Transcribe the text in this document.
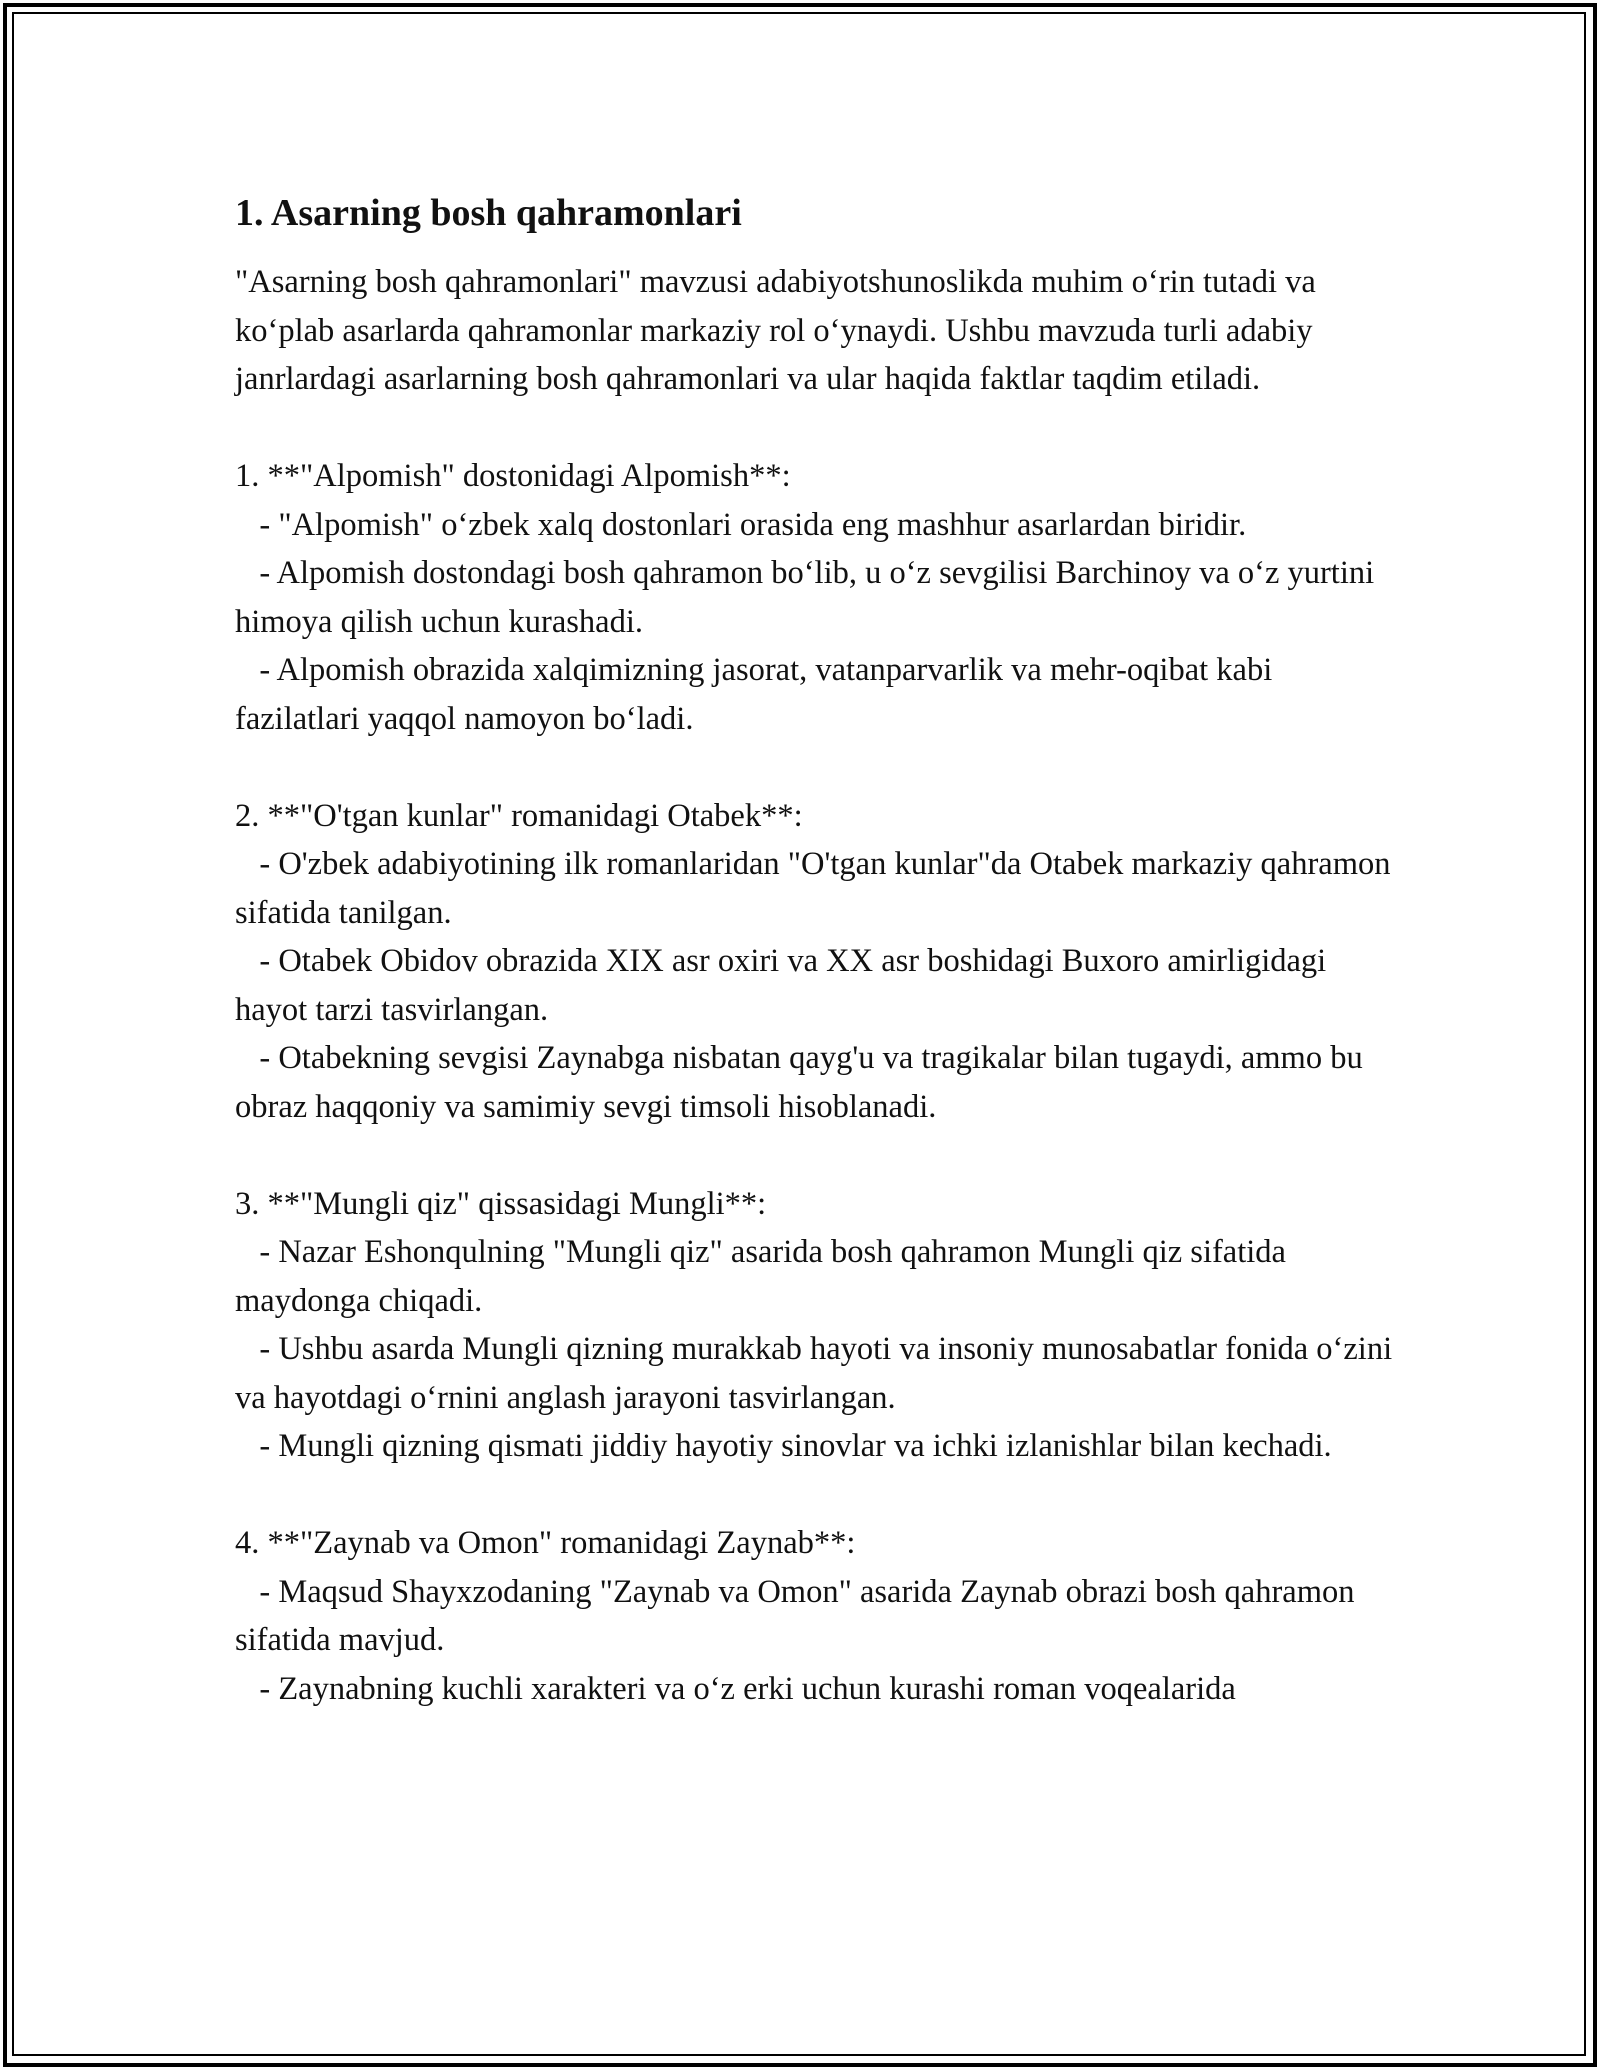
1. Asarning bosh qahramonlari

"Asarning bosh qahramonlari" mavzusi adabiyotshunoslikda muhim o‘rin tutadi va ko‘plab asarlarda qahramonlar markaziy rol o‘ynaydi. Ushbu mavzuda turli adabiy janrlardagi asarlarning bosh qahramonlari va ular haqida faktlar taqdim etiladi.

1. **"Alpomish" dostonidagi Alpomish**:
- "Alpomish" o‘zbek xalq dostonlari orasida eng mashhur asarlardan biridir.
- Alpomish dostondagi bosh qahramon bo‘lib, u o‘z sevgilisi Barchinoy va o‘z yurtini himoya qilish uchun kurashadi.
- Alpomish obrazida xalqimizning jasorat, vatanparvarlik va mehr-oqibat kabi fazilatlari yaqqol namoyon bo‘ladi.
2. **"O'tgan kunlar" romanidagi Otabek**:
- O'zbek adabiyotining ilk romanlaridan "O'tgan kunlar"da Otabek markaziy qahramon sifatida tanilgan.
- Otabek Obidov obrazida XIX asr oxiri va XX asr boshidagi Buxoro amirligidagi hayot tarzi tasvirlangan.
- Otabekning sevgisi Zaynabga nisbatan qayg'u va tragikalar bilan tugaydi, ammo bu obraz haqqoniy va samimiy sevgi timsoli hisoblanadi.
3. **"Mungli qiz" qissasidagi Mungli**:
- Nazar Eshonqulning "Mungli qiz" asarida bosh qahramon Mungli qiz sifatida maydonga chiqadi.
- Ushbu asarda Mungli qizning murakkab hayoti va insoniy munosabatlar fonida o‘zini va hayotdagi o‘rnini anglash jarayoni tasvirlangan.
- Mungli qizning qismati jiddiy hayotiy sinovlar va ichki izlanishlar bilan kechadi.
4. **"Zaynab va Omon" romanidagi Zaynab**:
- Maqsud Shayxzodaning "Zaynab va Omon" asarida Zaynab obrazi bosh qahramon sifatida mavjud.
- Zaynabning kuchli xarakteri va o‘z erki uchun kurashi roman voqealarida
